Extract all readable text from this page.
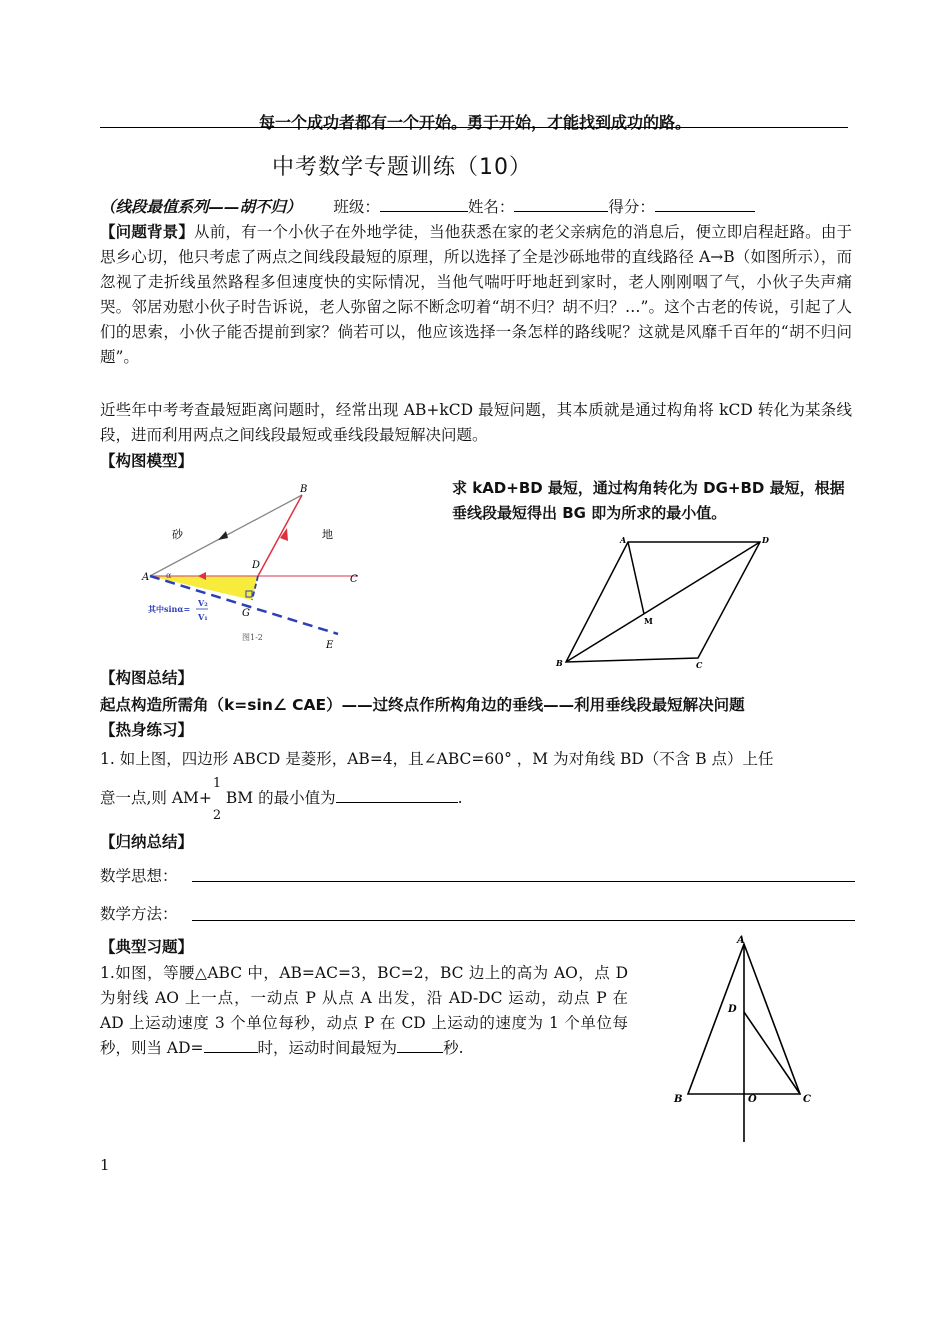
每一个成功者都有一个开始。勇于开始，才能找到成功的路。
中考数学专题训练（10）
（线段最值系列——胡不归） 班级：	姓名：	得分：
【问题背景】从前，有一个小伙子在外地学徒，当他获悉在家的老父亲病危的消息后，便立即启程赶路。由于思乡心切，他只考虑了两点之间线段最短的原理，所以选择了全是沙砾地带的直线路径 A→B（如图所示），而忽视了走折线虽然路程多但速度快的实际情况，当他气喘吁吁地赶到家时，老人刚刚咽了气，小伙子失声痛哭。邻居劝慰小伙子时告诉说，老人弥留之际不断念叨着“胡不归？胡不归？…”。这个古老的传说，引起了人们的思索，小伙子能否提前到家？倘若可以，他应该选择一条怎样的路线呢？这就是风靡千百年的“胡不归问题”。
近些年中考考查最短距离问题时，经常出现 AB+kCD 最短问题，其本质就是通过构角将 kCD 转化为某条线段，进而利用两点之间线段最短或垂线段最短解决问题。
【构图模型】
A
B
C
D
G
E
α
砂	地
其中sinα=
V₂
V₁
图1-2
求 kAD+BD 最短，通过构角转化为 DG+BD 最短，根据垂线段最短得出 BG 即为所求的最小值。
A	D
B	C
M
【构图总结】
起点构造所需角（k=sin∠ CAE）——过终点作所构角边的垂线——利用垂线段最短解决问题
【热身练习】
1. 如上图，四边形 ABCD 是菱形，AB=4，且∠ABC=60° ，M 为对角线 BD（不含 B 点）上任
意一点,则 AM+
1
2
BM 的最小值为	.
【归纳总结】
数学思想：
数学方法：
【典型习题】
1.如图，等腰△ABC 中，AB=AC=3，BC=2，BC 边上的高为 AO，点 D 为射线 AO 上一点，一动点 P 从点 A 出发，沿 AD-DC 运动，动点 P 在 AD 上运动速度 3 个单位每秒，动点 P 在 CD 上运动的速度为 1 个单位每秒，则当 AD=	时，运动时间最短为	秒.
A
D
B	O	C
1
